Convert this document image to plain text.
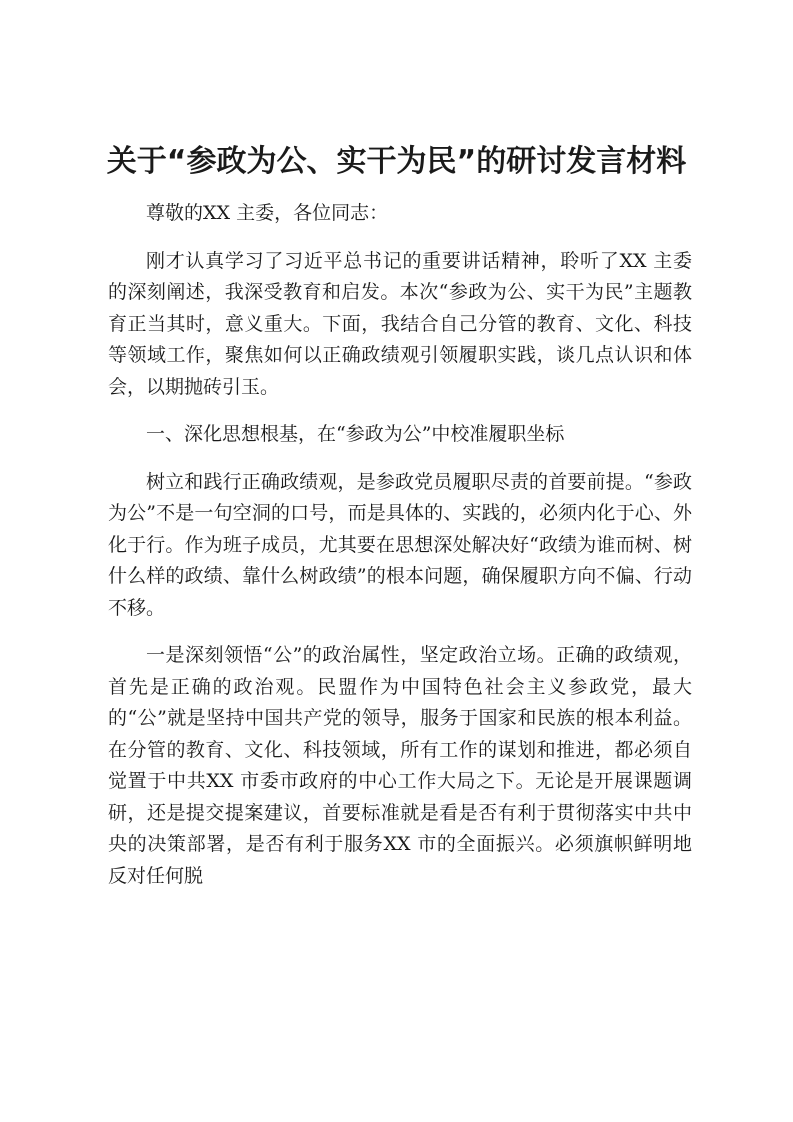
关于“参政为公、实干为民”的研讨发言材料

尊敬的XX 主委，各位同志：

刚才认真学习了习近平总书记的重要讲话精神，聆听了XX 主委的深刻阐述，我深受教育和启发。本次“参政为公、实干为民”主题教育正当其时，意义重大。下面，我结合自己分管的教育、文化、科技等领域工作，聚焦如何以正确政绩观引领履职实践，谈几点认识和体会，以期抛砖引玉。

一、深化思想根基，在“参政为公”中校准履职坐标

树立和践行正确政绩观，是参政党员履职尽责的首要前提。“参政为公”不是一句空洞的口号，而是具体的、实践的，必须内化于心、外化于行。作为班子成员，尤其要在思想深处解决好“政绩为谁而树、树什么样的政绩、靠什么树政绩”的根本问题，确保履职方向不偏、行动不移。

一是深刻领悟“公”的政治属性，坚定政治立场。正确的政绩观，首先是正确的政治观。民盟作为中国特色社会主义参政党，最大的“公”就是坚持中国共产党的领导，服务于国家和民族的根本利益。在分管的教育、文化、科技领域，所有工作的谋划和推进，都必须自觉置于中共XX 市委市政府的中心工作大局之下。无论是开展课题调研，还是提交提案建议，首要标准就是看是否有利于贯彻落实中共中央的决策部署，是否有利于服务XX 市的全面振兴。必须旗帜鲜明地反对任何脱
